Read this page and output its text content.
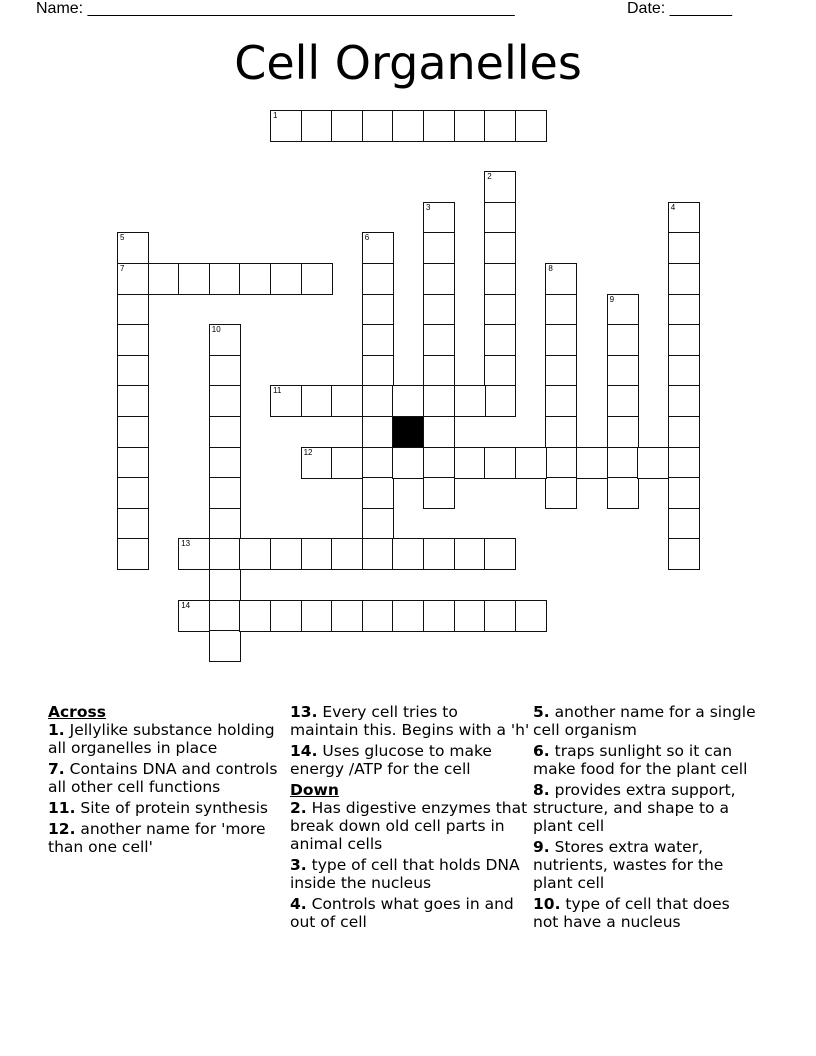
Name: ________________________________________________	Date: _______
Cell Organelles
1
2
3	4
5
7
6
8
9
10
11
12
13
14
Across
1. Jellylike substance holding all organelles in place
7. Contains DNA and controls all other cell functions
11. Site of protein synthesis
12. another name for 'more than one cell'
13. Every cell tries to maintain this. Begins with a 'h'
14. Uses glucose to make energy /ATP for the cell
Down
2. Has digestive enzymes that break down old cell parts in animal cells
3. type of cell that holds DNA inside the nucleus
4. Controls what goes in and out of cell
5. another name for a single cell organism
6. traps sunlight so it can make food for the plant cell
8. provides extra support, structure, and shape to a plant cell
9. Stores extra water, nutrients, wastes for the plant cell
10. type of cell that does not have a nucleus
